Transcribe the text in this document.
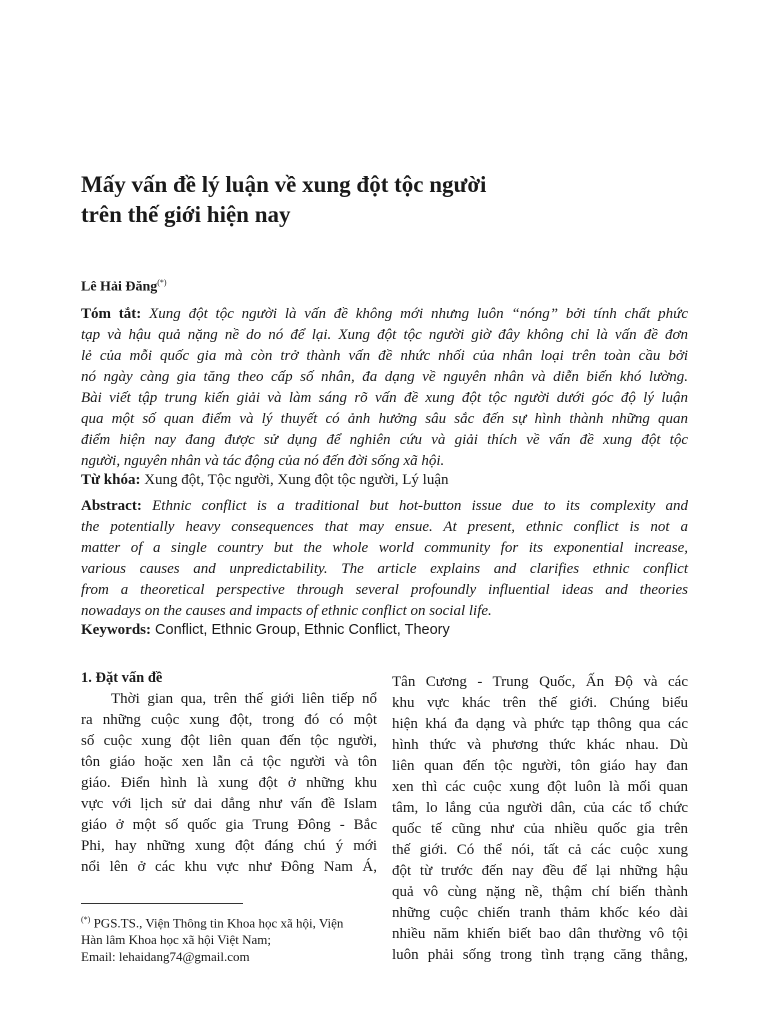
Mấy vấn đề lý luận về xung đột tộc người
trên thế giới hiện nay
Lê Hải Đăng(*)
Tóm tắt: Xung đột tộc người là vấn đề không mới nhưng luôn “nóng” bởi tính chất phức
tạp và hậu quả nặng nề do nó để lại. Xung đột tộc người giờ đây không chỉ là vấn đề đơn
lẻ của mỗi quốc gia mà còn trở thành vấn đề nhức nhối của nhân loại trên toàn cầu bởi
nó ngày càng gia tăng theo cấp số nhân, đa dạng về nguyên nhân và diễn biến khó lường.
Bài viết tập trung kiến giải và làm sáng rõ vấn đề xung đột tộc người dưới góc độ lý luận
qua một số quan điểm và lý thuyết có ảnh hưởng sâu sắc đến sự hình thành những quan
điểm hiện nay đang được sử dụng để nghiên cứu và giải thích về vấn đề xung đột tộc
người, nguyên nhân và tác động của nó đến đời sống xã hội.
Từ khóa: Xung đột, Tộc người, Xung đột tộc người, Lý luận
Abstract: Ethnic conflict is a traditional but hot-button issue due to its complexity and
the potentially heavy consequences that may ensue. At present, ethnic conflict is not a
matter of a single country but the whole world community for its exponential increase,
various causes and unpredictability. The article explains and clarifies ethnic conflict
from a theoretical perspective through several profoundly influential ideas and theories
nowadays on the causes and impacts of ethnic conflict on social life.
Keywords: Conflict, Ethnic Group, Ethnic Conflict, Theory
1. Đặt vấn đề
Thời gian qua, trên thế giới liên tiếp nổ
ra những cuộc xung đột, trong đó có một
số cuộc xung đột liên quan đến tộc người,
tôn giáo hoặc xen lẫn cả tộc người và tôn
giáo. Điển hình là xung đột ở những khu
vực với lịch sử dai dẳng như vấn đề Islam
giáo ở một số quốc gia Trung Đông - Bắc
Phi, hay những xung đột đáng chú ý mới
nổi lên ở các khu vực như Đông Nam Á,
Tân Cương - Trung Quốc, Ấn Độ và các
khu vực khác trên thế giới. Chúng biểu
hiện khá đa dạng và phức tạp thông qua các
hình thức và phương thức khác nhau. Dù
liên quan đến tộc người, tôn giáo hay đan
xen thì các cuộc xung đột luôn là mối quan
tâm, lo lắng của người dân, của các tổ chức
quốc tế cũng như của nhiều quốc gia trên
thế giới. Có thể nói, tất cả các cuộc xung
đột từ trước đến nay đều để lại những hậu
quả vô cùng nặng nề, thậm chí biến thành
những cuộc chiến tranh thảm khốc kéo dài
nhiều năm khiến biết bao dân thường vô tội
luôn phải sống trong tình trạng căng thẳng,
(*) PGS.TS., Viện Thông tin Khoa học xã hội, Viện
Hàn lâm Khoa học xã hội Việt Nam;
Email: lehaidang74@gmail.com
